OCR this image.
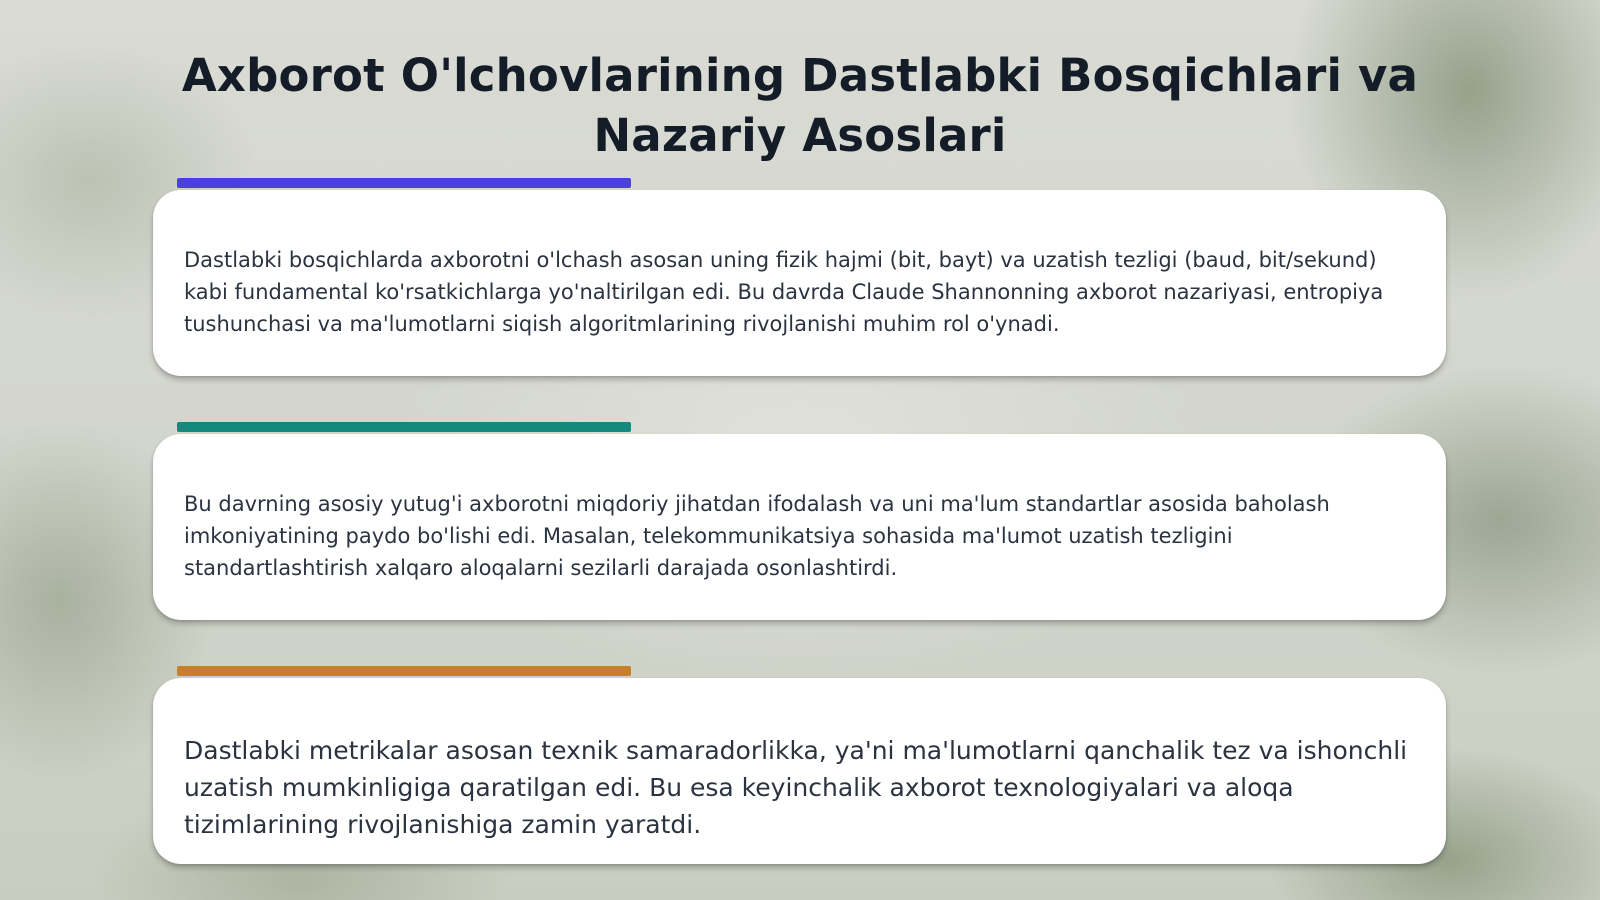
Axborot O'lchovlarining Dastlabki Bosqichlari va Nazariy Asoslari

Dastlabki bosqichlarda axborotni o'lchash asosan uning fizik hajmi (bit, bayt) va uzatish tezligi (baud, bit/sekund) kabi fundamental ko'rsatkichlarga yo'naltirilgan edi. Bu davrda Claude Shannonning axborot nazariyasi, entropiya tushunchasi va ma'lumotlarni siqish algoritmlarining rivojlanishi muhim rol o'ynadi.

Bu davrning asosiy yutug'i axborotni miqdoriy jihatdan ifodalash va uni ma'lum standartlar asosida baholash imkoniyatining paydo bo'lishi edi. Masalan, telekommunikatsiya sohasida ma'lumot uzatish tezligini standartlashtirish xalqaro aloqalarni sezilarli darajada osonlashtirdi.

Dastlabki metrikalar asosan texnik samaradorlikka, ya'ni ma'lumotlarni qanchalik tez va ishonchli uzatish mumkinligiga qaratilgan edi. Bu esa keyinchalik axborot texnologiyalari va aloqa tizimlarining rivojlanishiga zamin yaratdi.
